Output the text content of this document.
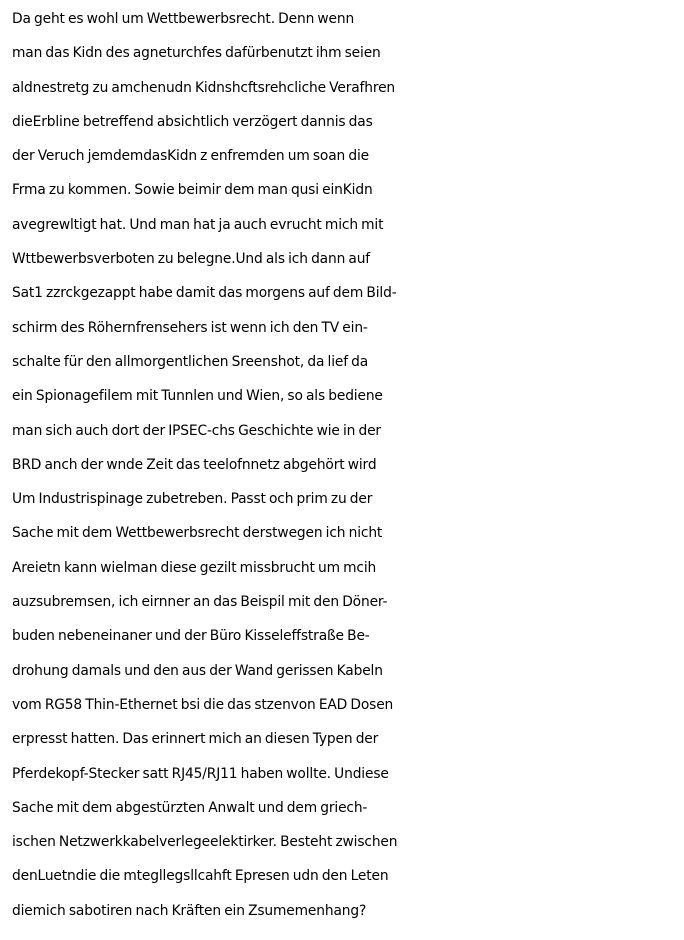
Da geht es wohl um Wettbewerbsrecht. Denn wenn
man das Kidn des agneturchfes dafürbenutzt ihm seien
aldnestretg zu amchenudn Kidnshcftsrehcliche Verafhren
dieErbline betreffend absichtlich verzögert dannis das
der Veruch jemdemdasKidn z enfremden um soan die
Frma zu kommen. Sowie beimir dem man qusi einKidn
avegrewltigt hat. Und man hat ja auch evrucht mich mit
Wttbewerbsverboten zu belegne.Und als ich dann auf
Sat1 zzrckgezappt habe damit das morgens auf dem Bild-
schirm des Röhernfrensehers ist wenn ich den TV ein-
schalte für den allmorgentlichen Sreenshot, da lief da
ein Spionagefilem mit Tunnlen und Wien, so als bediene
man sich auch dort der IPSEC-chs Geschichte wie in der
BRD anch der wnde Zeit das teelofnnetz abgehört wird
Um Industrispinage zubetreben. Passt och prim zu der
Sache mit dem Wettbewerbsrecht derstwegen ich nicht
Areietn kann wielman diese gezilt missbrucht um mcih
auzsubremsen, ich eirnner an das Beispil mit den Döner-
buden nebeneinaner und der Büro Kisseleffstraße Be-
drohung damals und den aus der Wand gerissen Kabeln
vom RG58 Thin-Ethernet bsi die das stzenvon EAD Dosen
erpresst hatten. Das erinnert mich an diesen Typen der
Pferdekopf-Stecker satt RJ45/RJ11 haben wollte. Undiese
Sache mit dem abgestürzten Anwalt und dem griech-
ischen Netzwerkkabelverlegeelektirker. Besteht zwischen
denLuetndie die mtegllegsllcahft Epresen udn den Leten
diemich sabotiren nach Kräften ein Zsumemenhang?
